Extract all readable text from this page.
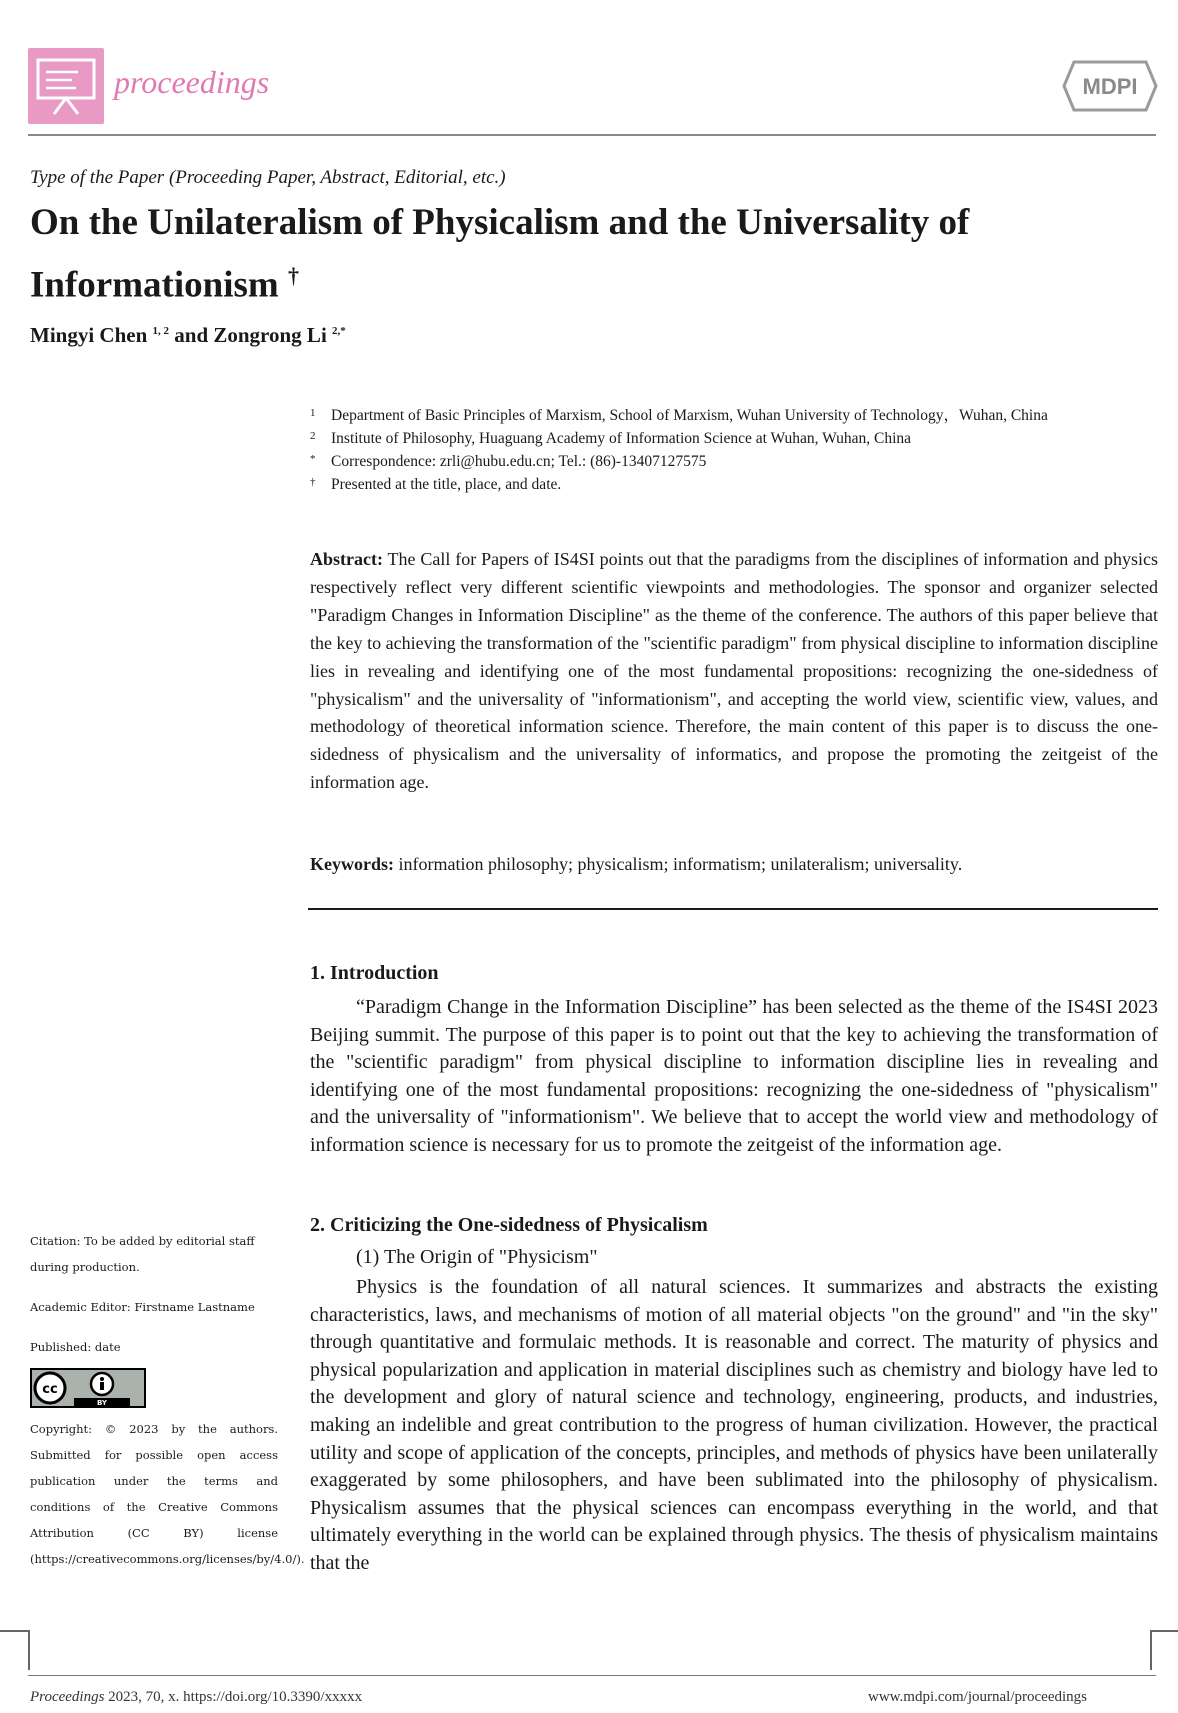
proceedings	MDPI
Type of the Paper (Proceeding Paper, Abstract, Editorial, etc.)
On the Unilateralism of Physicalism and the Universality of Informationism †
Mingyi Chen $^{1, 2}$ and Zongrong Li $^{2,*}$
1	Department of Basic Principles of Marxism, School of Marxism, Wuhan University of Technology，Wuhan, China
2	Institute of Philosophy, Huaguang Academy of Information Science at Wuhan, Wuhan, China
*	Correspondence: zrli@hubu.edu.cn; Tel.: (86)-13407127575
†	Presented at the title, place, and date.

Abstract: The Call for Papers of IS4SI points out that the paradigms from the disciplines of information and physics respectively reflect very different scientific viewpoints and methodologies. The sponsor and organizer selected "Paradigm Changes in Information Discipline" as the theme of the conference. The authors of this paper believe that the key to achieving the transformation of the "scientific paradigm" from physical discipline to information discipline lies in revealing and identifying one of the most fundamental propositions: recognizing the one-sidedness of "physicalism" and the universality of "informationism", and accepting the world view, scientific view, values, and methodology of theoretical information science. Therefore, the main content of this paper is to discuss the one-sidedness of physicalism and the universality of informatics, and propose the promoting the zeitgeist of the information age.

Keywords: information philosophy; physicalism; informatism; unilateralism; universality.

1. Introduction

“Paradigm Change in the Information Discipline” has been selected as the theme of the IS4SI 2023 Beijing summit. The purpose of this paper is to point out that the key to achieving the transformation of the "scientific paradigm" from physical discipline to information discipline lies in revealing and identifying one of the most fundamental propositions: recognizing the one-sidedness of "physicalism" and the universality of "informationism". We believe that to accept the world view and methodology of information science is necessary for us to promote the zeitgeist of the information age.

2. Criticizing the One-sidedness of Physicalism
(1) The Origin of "Physicism"

Physics is the foundation of all natural sciences. It summarizes and abstracts the existing characteristics, laws, and mechanisms of motion of all material objects "on the ground" and "in the sky" through quantitative and formulaic methods. It is reasonable and correct. The maturity of physics and physical popularization and application in material disciplines such as chemistry and biology have led to the development and glory of natural science and technology, engineering, products, and industries, making an indelible and great contribution to the progress of human civilization. However, the practical utility and scope of application of the concepts, principles, and methods of physics have been unilaterally exaggerated by some philosophers, and have been sublimated into the philosophy of physicalism. Physicalism assumes that the physical sciences can encompass everything in the world, and that ultimately everything in the world can be explained through physics. The thesis of physicalism maintains that the

Citation: To be added by editorial staff during production.
Academic Editor: Firstname Lastname
Published: date
cc
BY
Copyright: © 2023 by the authors. Submitted for possible open access publication under the terms and conditions of the Creative Commons Attribution (CC BY) license (https://creativecommons.org/licenses/by/4.0/).
Proceedings 2023, 70, x. https://doi.org/10.3390/xxxxx	www.mdpi.com/journal/proceedings
